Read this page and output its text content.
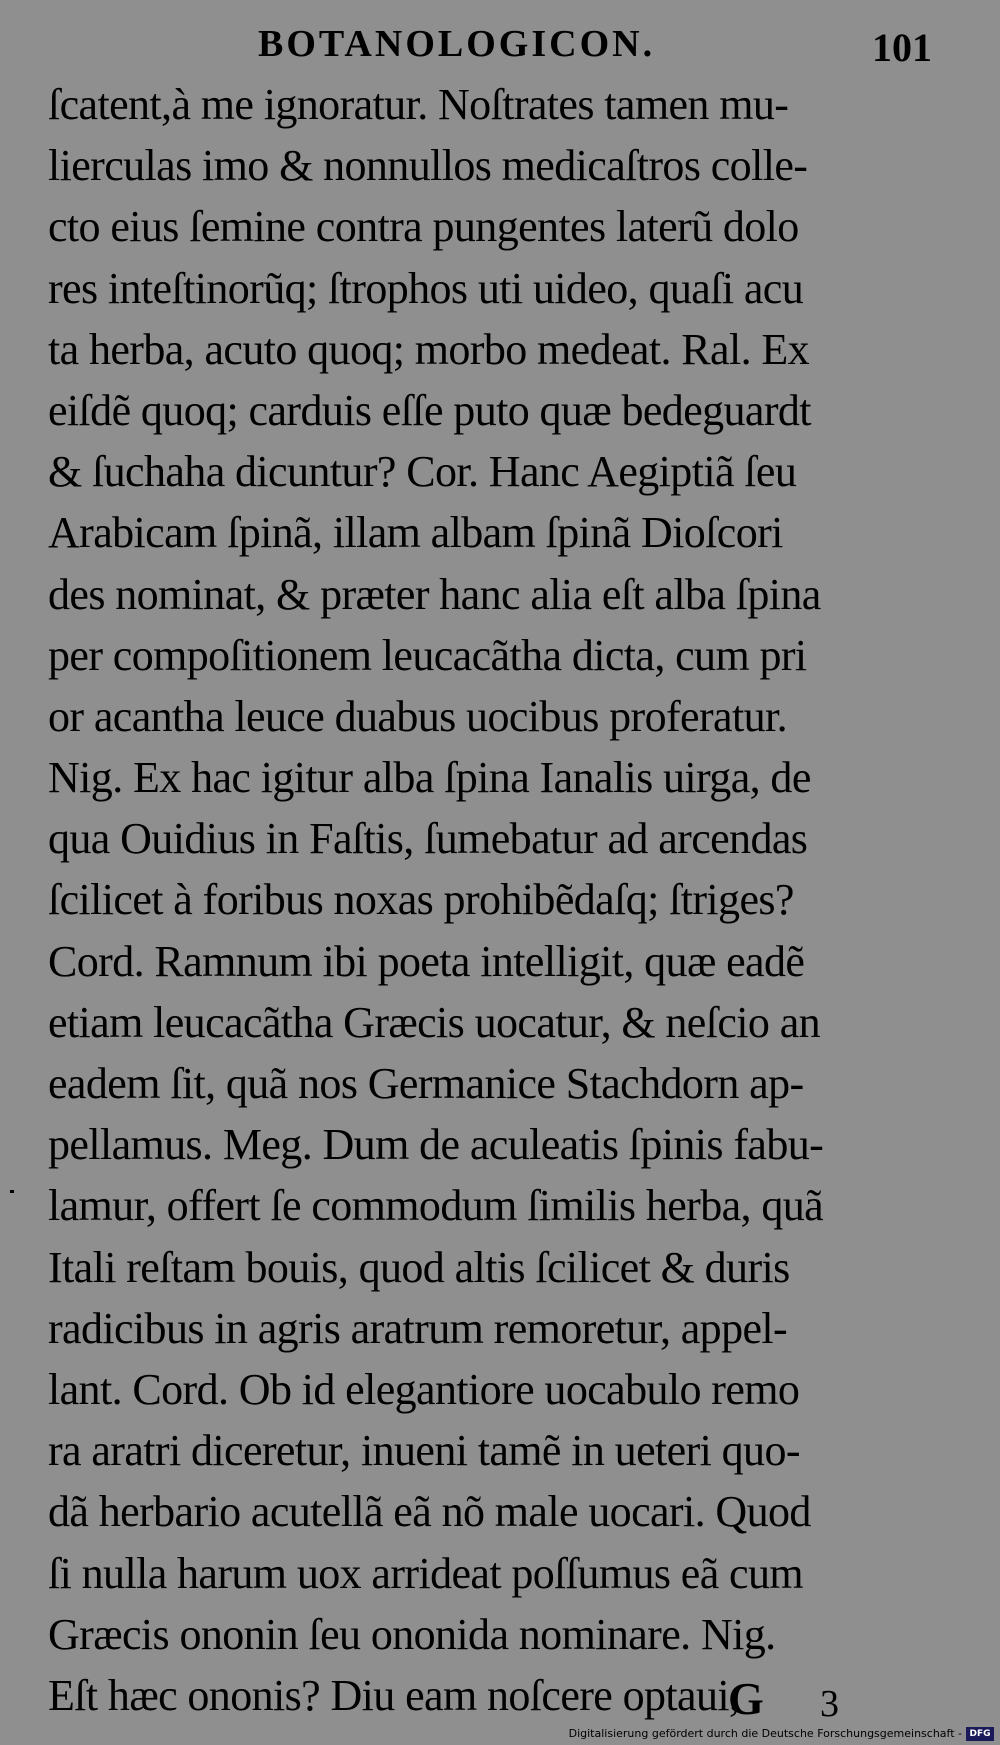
BOTANOLOGICON.	101
ſcatent,à me ignoratur. Noſtrates tamen mu-
lierculas imo & nonnullos medicaſtros colle-
cto eius ſemine contra pungentes laterũ dolo
res inteſtinorũq; ſtrophos uti uideo, quaſi acu
ta herba, acuto quoq; morbo medeat. Ral. Ex
eiſdẽ quoq; carduis eſſe puto quæ bedeguardt
& ſuchaha dicuntur? Cor. Hanc Aegiptiã ſeu
Arabicam ſpinã, illam albam ſpinã Dioſcori
des nominat, & præter hanc alia eſt alba ſpina
per compoſitionem leucacãtha dicta, cum pri
or acantha leuce duabus uocibus proferatur.
Nig. Ex hac igitur alba ſpina Ianalis uirga, de
qua Ouidius in Faſtis, ſumebatur ad arcendas
ſcilicet à foribus noxas prohibẽdaſq; ſtriges?
Cord. Ramnum ibi poeta intelligit, quæ eadẽ
etiam leucacãtha Græcis uocatur, & neſcio an
eadem ſit, quã nos Germanice Stachdorn ap-
pellamus. Meg. Dum de aculeatis ſpinis fabu-
lamur, offert ſe commodum ſimilis herba, quã
Itali reſtam bouis, quod altis ſcilicet & duris
radicibus in agris aratrum remoretur, appel-
lant. Cord. Ob id elegantiore uocabulo remo
ra aratri diceretur, inueni tamẽ in ueteri quo-
dã herbario acutellã eã nõ male uocari. Quod
ſi nulla harum uox arrideat poſſumus eã cum
Græcis ononin ſeu ononida nominare. Nig.
Eſt hæc ononis? Diu eam noſcere optaui,
G 3
Digitalisierung gefördert durch die Deutsche Forschungsgemeinschaft - DFG
